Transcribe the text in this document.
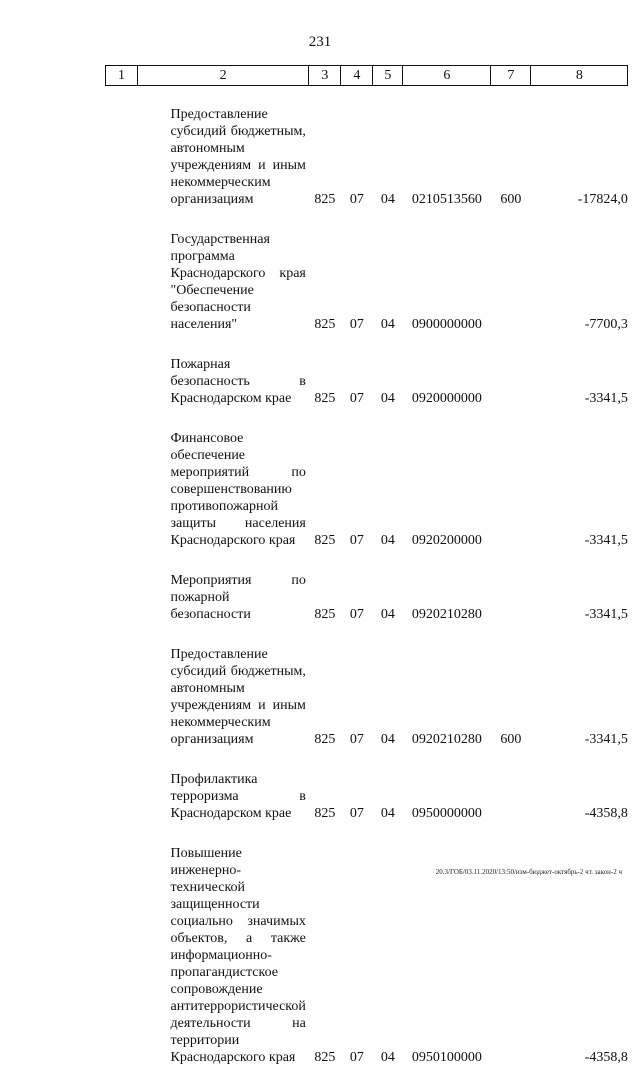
231
1	2	3	4	5	6	7	8

	Предоставление субсидий бюджетным, автономным учреждениям и иным некоммерческим организациям	825	07	04	0210513560	600	-17824,0

	Государственная программа Краснодарского края "Обеспечение безопасности населения"	825	07	04	0900000000		-7700,3

	Пожарная безопасность в Краснодарском крае	825	07	04	0920000000		-3341,5

	Финансовое обеспечение мероприятий по совершенствованию противопожарной защиты населения Краснодарского края	825	07	04	0920200000		-3341,5

	Мероприятия по пожарной безопасности	825	07	04	0920210280		-3341,5

	Предоставление субсидий бюджетным, автономным учреждениям и иным некоммерческим организациям	825	07	04	0920210280	600	-3341,5

	Профилактика терроризма в Краснодарском крае	825	07	04	0950000000		-4358,8

	Повышение инженерно-технической защищенности социально значимых объектов, а также информационно-пропагандистское сопровождение антитеррористической деятельности на территории Краснодарского края	825	07	04	0950100000		-4358,8
20.3/ГОБ/03.11.2020/13:50/изм-бюджет-октябрь-2 чт. закон-2 ч
